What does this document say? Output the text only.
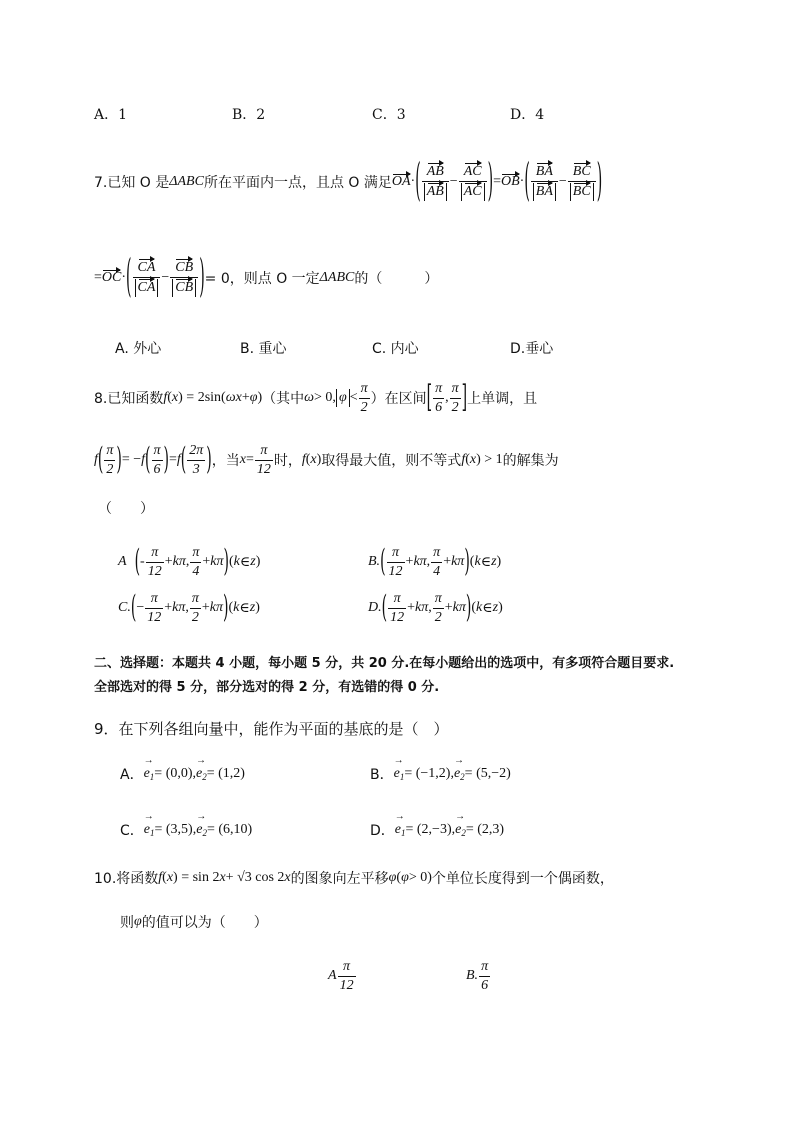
A．1	B．2	C．3	D．4
7.已知 O 是 ΔABC 所在平面内一点，且点 O 满足 OA · ( $\frac{AB}{AB} - \frac{AC}{AC}$ ) = OB · ( $\frac{BA}{BA} - \frac{BC}{BC}$ )
= OC · ( $\frac{CA}{CA} - \frac{CB}{CB}$ ) = 0，则点 O 一定 ΔABC 的（　　　）
A. 外心	B. 重心	C. 内心	D.垂心
8.已知函数 f ( x ) = 2sin( ωx + φ ) （其中 ω > 0, $\varphi < \frac{\pi}{2}$ ）在区间 [ $\frac{\pi}{6}$ , $\frac{\pi}{2}$ ] 上单调，且
f ( $\frac{\pi}{2}$ ) = − f ( $\frac{\pi}{6}$ ) = f ( $\frac{2\pi}{3}$ ) ，当 $x = \frac{\pi}{12}$ 时， f ( x ) 取得最大值，则不等式 f ( x ) > 1 的解集为
（　　）
A ( - $\frac{\pi}{12} + k\pi$ , $\frac{\pi}{4} + k\pi$ ) ( k ∈ z )	B. ( $\frac{\pi}{12} + k\pi$ , $\frac{\pi}{4} + k\pi$ ) ( k ∈ z )
C. ( − $\frac{\pi}{12} + k\pi$ , $\frac{\pi}{2} + k\pi$ ) ( k ∈ z )	D. ( $\frac{\pi}{12} + k\pi$ , $\frac{\pi}{2} + k\pi$ ) ( k ∈ z )
二、选择题：本题共 4 小题，每小题 5 分，共 20 分.在每小题给出的选项中，有多项符合题目要求.
全部选对的得 5 分，部分选对的得 2 分，有选错的得 0 分.
9．在下列各组向量中，能作为平面的基底的是（　）
A． → $e_1 = (0,0)$, → $e_2 = (1,2)$	B． → $e_1 = (-1,2)$, → $e_2 = (5,-2)$
C． → $e_1 = (3,5)$, → $e_2 = (6,10)$	D． → $e_1 = (2,-3)$, → $e_2 = (2,3)$
10.将函数 f ( x ) = sin 2 x + √3 cos 2 x 的图象向左平移 φ ( φ > 0) 个单位长度得到一个偶函数，
则 φ 的值可以为（　　）
A $\frac{\pi}{12}$	B. $\frac{\pi}{6}$
